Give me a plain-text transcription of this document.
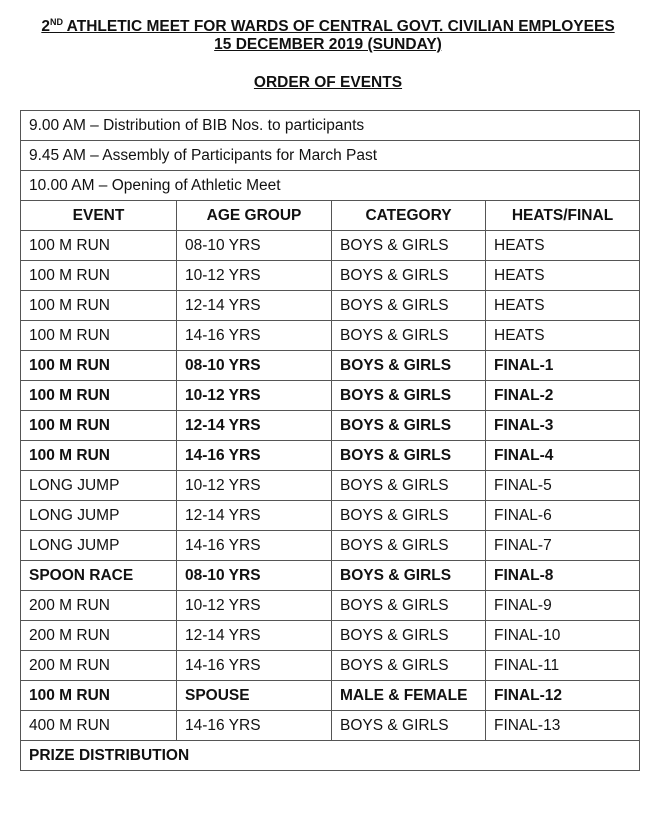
2ND ATHLETIC MEET FOR WARDS OF CENTRAL GOVT. CIVILIAN EMPLOYEES
15 DECEMBER 2019 (SUNDAY)
ORDER OF EVENTS
9.00 AM – Distribution of BIB Nos. to participants			
9.45 AM – Assembly of Participants for March Past			
10.00 AM – Opening of Athletic Meet			
EVENT	AGE GROUP	CATEGORY	HEATS/FINAL
100 M RUN	08-10 YRS	BOYS & GIRLS	HEATS
100 M RUN	10-12 YRS	BOYS & GIRLS	HEATS
100 M RUN	12-14 YRS	BOYS & GIRLS	HEATS
100 M RUN	14-16 YRS	BOYS & GIRLS	HEATS
100 M RUN	08-10 YRS	BOYS & GIRLS	FINAL-1
100 M RUN	10-12 YRS	BOYS & GIRLS	FINAL-2
100 M RUN	12-14 YRS	BOYS & GIRLS	FINAL-3
100 M RUN	14-16 YRS	BOYS & GIRLS	FINAL-4
LONG JUMP	10-12 YRS	BOYS & GIRLS	FINAL-5
LONG JUMP	12-14 YRS	BOYS & GIRLS	FINAL-6
LONG JUMP	14-16 YRS	BOYS & GIRLS	FINAL-7
SPOON RACE	08-10 YRS	BOYS & GIRLS	FINAL-8
200 M RUN	10-12 YRS	BOYS & GIRLS	FINAL-9
200 M RUN	12-14 YRS	BOYS & GIRLS	FINAL-10
200 M RUN	14-16 YRS	BOYS & GIRLS	FINAL-11
100 M RUN	SPOUSE	MALE & FEMALE	FINAL-12
400 M RUN	14-16 YRS	BOYS & GIRLS	FINAL-13
PRIZE DISTRIBUTION			
